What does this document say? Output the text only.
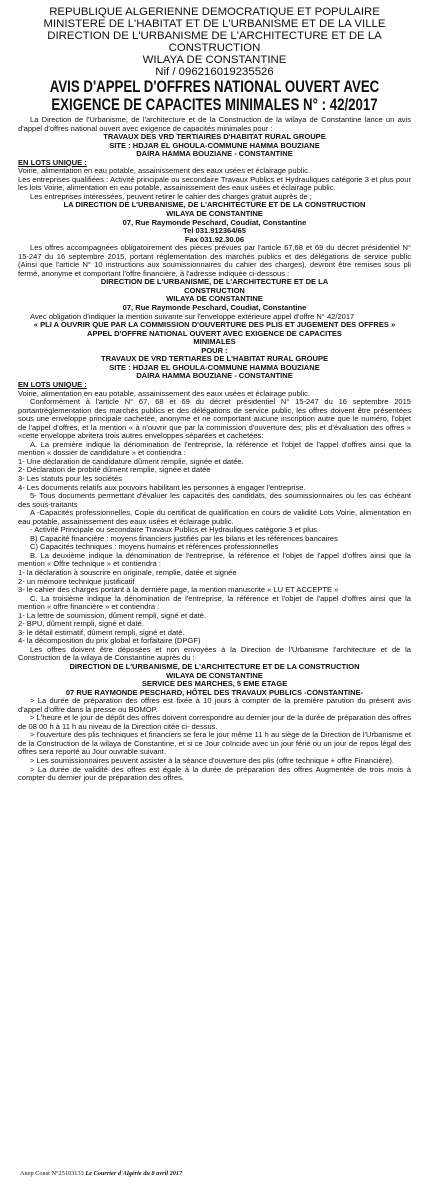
REPUBLIQUE ALGERIENNE DEMOCRATIQUE ET POPULAIRE
MINISTERE DE L'HABITAT ET DE L'URBANISME ET DE LA VILLE
DIRECTION DE L'URBANISME DE L'ARCHITECTURE ET DE LA
CONSTRUCTION
WILAYA DE CONSTANTINE
Nif / 096216019235526
AVIS D'APPEL D'OFFRES NATIONAL OUVERT AVEC
EXIGENCE DE CAPACITES MINIMALES N° : 42/2017

La Direction de l'Urbanisme, de l'architecture et de la Construction de la wilaya de Constantine lance un avis d'appel d'offres national ouvert avec exigence de capacités minimales pour :

TRAVAUX DES VRD TERTIAIRES D'HABITAT RURAL GROUPE

SITE : HDJAR EL GHOULA-COMMUNE HAMMA BOUZIANE

DAIRA HAMMA BOUZIANE - CONSTANTINE

EN LOTS UNIQUE :

Voirie, alimentation en eau potable, assainissement des eaux usées et éclairage public.

Les entreprises qualifiées : Activité principale ou secondaire Travaux Publics et Hydrauliques catégorie 3 et plus pour les lots Voirie, alimentation en eau potable, assainissement des eaux usées et éclairage public.

Les entreprises intéressées, peuvent retirer le cahier des charges gratuit auprès de ;

LA DIRECTION DE L'URBANISME, DE L'ARCHITECTURE ET DE LA CONSTRUCTION

WILAYA DE CONSTANTINE

07, Rue Raymonde Peschard, Coudiat, Constantine

Tel 031.912364/65

Fax 031.92.30.06

Les offres accompagnées obligatoirement des pièces prévues par l'article 67,68 et 69 du décret présidentiel N° 15-247 du 16 septembre 2015, portant réglementation des marchés publics et des délégations de service public (Ainsi que l'article N° 10 instructions aux soumissionnaires du cahier des charges), devront être remises sous pli fermé, anonyme et comportant l'offre financière, à l'adresse indiquée ci-dessous :

DIRECTION DE L'URBANISME, DE L'ARCHITECTURE ET DE LA

CONSTRUCTION

WILAYA DE CONSTANTINE

07, Rue Raymonde Peschard, Coudiat, Constantine

Avec obligation d'indiquer la mention suivante sur l'enveloppe extérieure appel d'offre N° 42/2017

« PLI A OUVRIR QUE PAR LA COMMISSION D'OUVERTURE DES PLIS ET JUGEMENT DES OFFRES »

APPEL D'OFFRE NATIONAL OUVERT AVEC EXIGENCE DE CAPACITES

MINIMALES

POUR :

TRAVAUX DE VRD TERTIARES DE L'HABITAT RURAL GROUPE

SITE : HDJAR EL GHOULA-COMMUNE HAMMA BOUZIANE

DAIRA HAMMA BOUZIANE - CONSTANTINE

EN LOTS UNIQUE :

Voirie, alimentation en eau potable, assainissement des eaux usées et éclairage public.

Conformément à l'article N° 67, 68 et 69 du décret présidentiel N° 15-247 du 16 septembre 2015 portantréglementation des marchés publics et des délégations de service public, les offres doivent être présentées sous une enveloppe principale cachetée, anonyme et ne comportant aucune inscription autre que le numéro, l'objet de l'appel d'offres, et la mention « à n'ouvrir que par la commission d'ouverture des; plis et d'évaluation des offres » «cette enveloppe abritera trois autres enveloppes séparées et cachetées:

A. La première indique la dénomination de l'entreprise, la référence et l'objet de l'appel d'offres ainsi que la mention « dossier de candidature » et contiendra :

1- Une déclaration de candidature dûment remplie, signée et datée.

2- Déclaration de probité dûment remplie, signée et datée

3- Les statuts pour les sociétés

4- Les documents relatifs aux pouvoirs habilitant les personnes à engager l'entreprise.

5- Tous documents permettant d'évaluer les capacités des candidats, des soumissionnaires ou les cas échéant des sous-traitants

A -Capacités professionnelles, Copie du certificat de qualification en cours de validité Lots Voirie, alimentation en eau potable, assainissement des eaux usées et éclairage public.

- Activité Principale ou secondaire Travaux Publics et Hydrauliques catégorie 3 et plus.

B) Capacité financière : moyens financiers justifiés par les bilans et les références bancaires

C) Capacités techniques : moyens humains et références professionnelles

B. La deuxième indique la dénomination de l'entreprise, la référence et l'objet de l'appel d'offres ainsi que la mention « Offre technique » et contiendra :

1- la déclaration à souscrire en originale, remplie, datée et signée

2- un mémoire technique justificatif

3- le cahier des charges portant à la dernière page, la mention manuscrite « LU ET ACCEPTE »

C. La troisième indique la dénomination de l'entreprise, la référence et l'objet de l'appel d'offres ainsi que la mention « offre financière » et contiendra :

1- La lettre de soumission, dûment rempli, signé et daté.

2- BPU, dûment rempli, signé et daté.

3- le détail estimatif, dûment rempli, signé et daté.

4- la décomposition du prix global et forfaitaire (DPGF)

Les offres doivent être déposées et non envoyées à la Direction de l'Urbanisme l'architecture et de la Construction de la wilaya de Constantine auprès du :

DIRECTION DE L'URBANISME, DE L'ARCHITECTURE ET DE LA CONSTRUCTION

WILAYA DE CONSTANTINE

SERVICE DES MARCHES, 5 EME ETAGE

07 RUE RAYMONDE PESCHARD, HÔTEL DES TRAVAUX PUBLICS -CONSTANTINE-

> La durée de préparation des offres est fixée à 10 jours à compter de la première parution du présent avis d'appel d'offre dans la presse ou BOMOP.

> L'heure et le jour de dépôt des offres doivent correspondre au dernier jour de la durée de préparation des offres de 08 00 h à 11 h au niveau de la Direction citée ci- dessus.

> l'ouverture des plis techniques et financiers se fera le jour même 11 h au siège de la Direction de l'Urbanisme et de la Construction de la wilaya de Constantine, et si ce Jour coïncide avec un jour férié ou un jour de repos légal des offres sera reporté au Jour ouvrable suivant.

> Les soumissionnaires peuvent assister à la séance d'ouverture des plis (offre technique + offre Financière).

> La durée de validité des offres est égale à la durée de préparation des offres Augmentée de trois mois à compter du dernier jour de préparation des offres.

Anep Const N°25103133 Le Courrier d'Algérie du 8 avril 2017
